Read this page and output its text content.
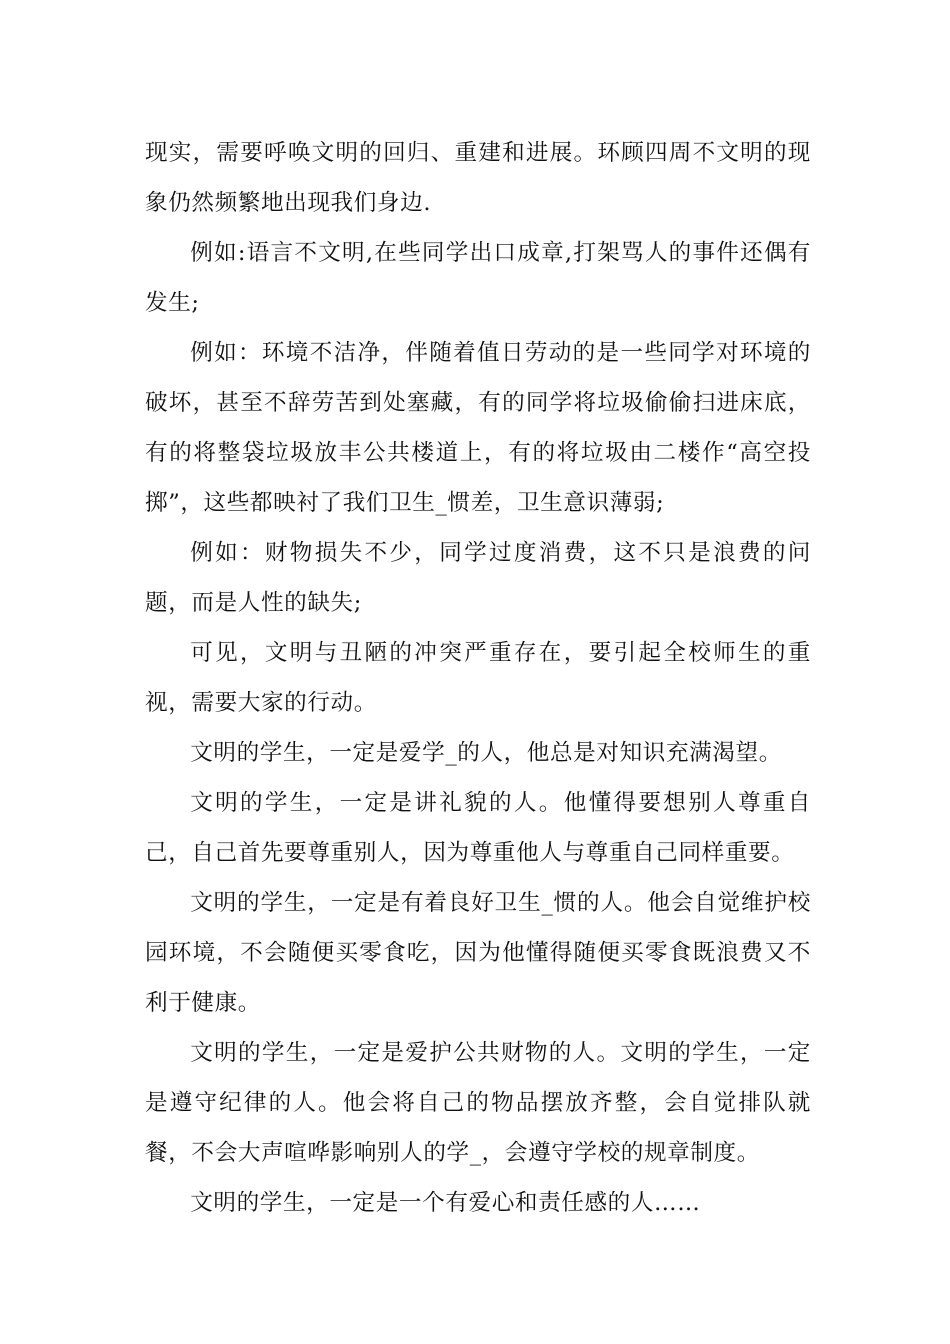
现实，需要呼唤文明的回归、重建和进展。环顾四周不文明的现象仍然频繁地出现我们身边.

例如:语言不文明,在些同学出口成章,打架骂人的事件还偶有发生;

例如：环境不洁净，伴随着值日劳动的是一些同学对环境的破坏，甚至不辞劳苦到处塞藏，有的同学将垃圾偷偷扫进床底，有的将整袋垃圾放丰公共楼道上，有的将垃圾由二楼作“高空投掷”，这些都映衬了我们卫生_惯差，卫生意识薄弱;

例如：财物损失不少，同学过度消费，这不只是浪费的问题，而是人性的缺失;

可见，文明与丑陋的冲突严重存在，要引起全校师生的重视，需要大家的行动。

文明的学生，一定是爱学_的人，他总是对知识充满渴望。

文明的学生，一定是讲礼貌的人。他懂得要想别人尊重自己，自己首先要尊重别人，因为尊重他人与尊重自己同样重要。

文明的学生，一定是有着良好卫生_惯的人。他会自觉维护校园环境，不会随便买零食吃，因为他懂得随便买零食既浪费又不利于健康。

文明的学生，一定是爱护公共财物的人。文明的学生，一定是遵守纪律的人。他会将自己的物品摆放齐整，会自觉排队就餐，不会大声喧哗影响别人的学_，会遵守学校的规章制度。

文明的学生，一定是一个有爱心和责任感的人……
